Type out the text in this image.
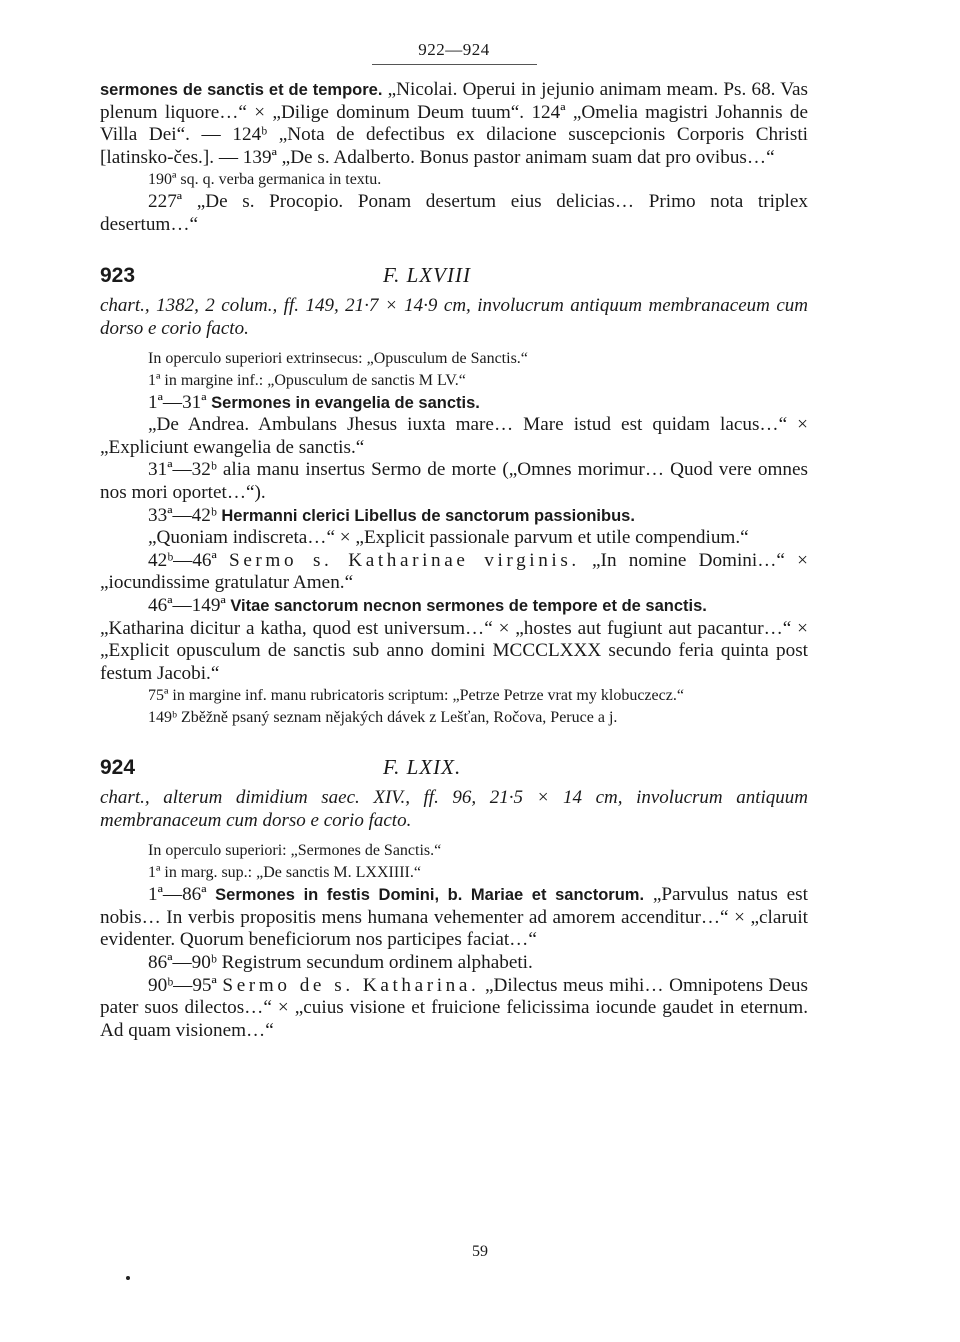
922—924

sermones de sanctis et de tempore. „Nicolai. Operui in jejunio animam meam. Ps. 68. Vas plenum liquore…“ × „Dilige dominum Deum tuum“. 124ª „Omelia magistri Johannis de Villa Dei“. — 124ᵇ „Nota de defectibus ex dilacione suscepcionis Corporis Christi [latinsko-čes.]. — 139ª „De s. Adalberto. Bonus pastor animam suam dat pro ovibus…“

190ª sq. q. verba germanica in textu.

227ª „De s. Procopio. Ponam desertum eius delicias… Primo nota triplex desertum…“

923	F. LXVIII

chart., 1382, 2 colum., ff. 149, 21·7 × 14·9 cm, involucrum antiquum membranaceum cum dorso e corio facto.

In operculo superiori extrinsecus: „Opusculum de Sanctis.“

1ª in margine inf.: „Opusculum de sanctis M LV.“

1ª—31ª Sermones in evangelia de sanctis.

„De Andrea. Ambulans Jhesus iuxta mare… Mare istud est quidam lacus…“ × „Expliciunt ewangelia de sanctis.“

31ª—32ᵇ alia manu insertus Sermo de morte („Omnes morimur… Quod vere omnes nos mori oportet…“).

33ª—42ᵇ Hermanni clerici Libellus de sanctorum passionibus.

„Quoniam indiscreta…“ × „Explicit passionale parvum et utile compendium.“

42ᵇ—46ª Sermo s. Katharinae virginis. „In nomine Domini…“ × „iocundissime gratulatur Amen.“

46ª—149ª Vitae sanctorum necnon sermones de tempore et de sanctis.

„Katharina dicitur a katha, quod est universum…“ × „hostes aut fugiunt aut pacantur…“ × „Explicit opusculum de sanctis sub anno domini MCCCLXXX secundo feria quinta post festum Jacobi.“

75ª in margine inf. manu rubricatoris scriptum: „Petrze Petrze vrat my klobuczecz.“

149ᵇ Zběžně psaný seznam nějakých dávek z Lešťan, Ročova, Peruce a j.

924	F. LXIX.

chart., alterum dimidium saec. XIV., ff. 96, 21·5 × 14 cm, involucrum antiquum membranaceum cum dorso e corio facto.

In operculo superiori: „Sermones de Sanctis.“

1ª in marg. sup.: „De sanctis M. LXXIIII.“

1ª—86ª Sermones in festis Domini, b. Mariae et sanctorum. „Parvulus natus est nobis… In verbis propositis mens humana vehementer ad amorem accenditur…“ × „claruit evidenter. Quorum beneficiorum nos participes faciat…“

86ª—90ᵇ Registrum secundum ordinem alphabeti.

90ᵇ—95ª Sermo de s. Katharina. „Dilectus meus mihi… Omnipotens Deus pater suos dilectos…“ × „cuius visione et fruicione felicissima iocunde gaudet in eternum. Ad quam visionem…“

59
